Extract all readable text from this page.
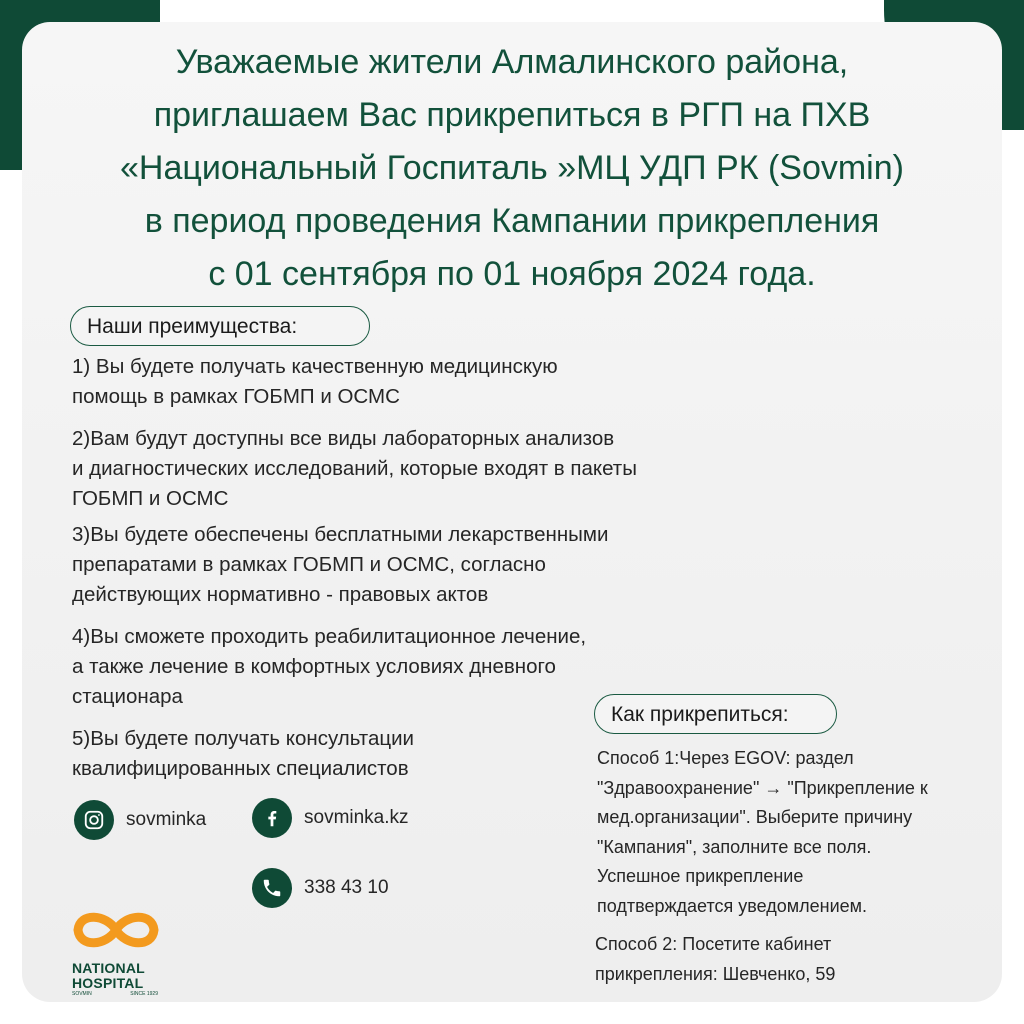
Уважаемые жители Алмалинского района,
приглашаем Вас прикрепиться в РГП на ПХВ
«Национальный Госпиталь »МЦ УДП РК (Sovmin)
в период проведения Кампании прикрепления
с 01 сентября по 01 ноября 2024 года.
Наши преимущества:

1) Вы будете получать качественную медицинскую
помощь в рамках ГОБМП и ОСМС

2)Вам будут доступны все виды лабораторных анализов
и диагностических исследований, которые входят в пакеты
ГОБМП и ОСМС

3)Вы будете обеспечены бесплатными лекарственными
препаратами в рамках ГОБМП и ОСМС, согласно
действующих нормативно - правовых актов

4)Вы сможете проходить реабилитационное лечение,
а также лечение в комфортных условиях дневного
стационара

5)Вы будете получать консультации
квалифицированных специалистов

Как прикрепиться:

Способ 1:Через EGOV: раздел
"Здравоохранение" → "Прикрепление к
мед.организации". Выберите причину
"Кампания", заполните все поля.
Успешное прикрепление
подтверждается уведомлением.

Способ 2: Посетите кабинет
прикрепления: Шевченко, 59

sovminka	sovminka.kz
338 43 10
NATIONAL
HOSPITAL
SOVMIN	SINCE 1929
